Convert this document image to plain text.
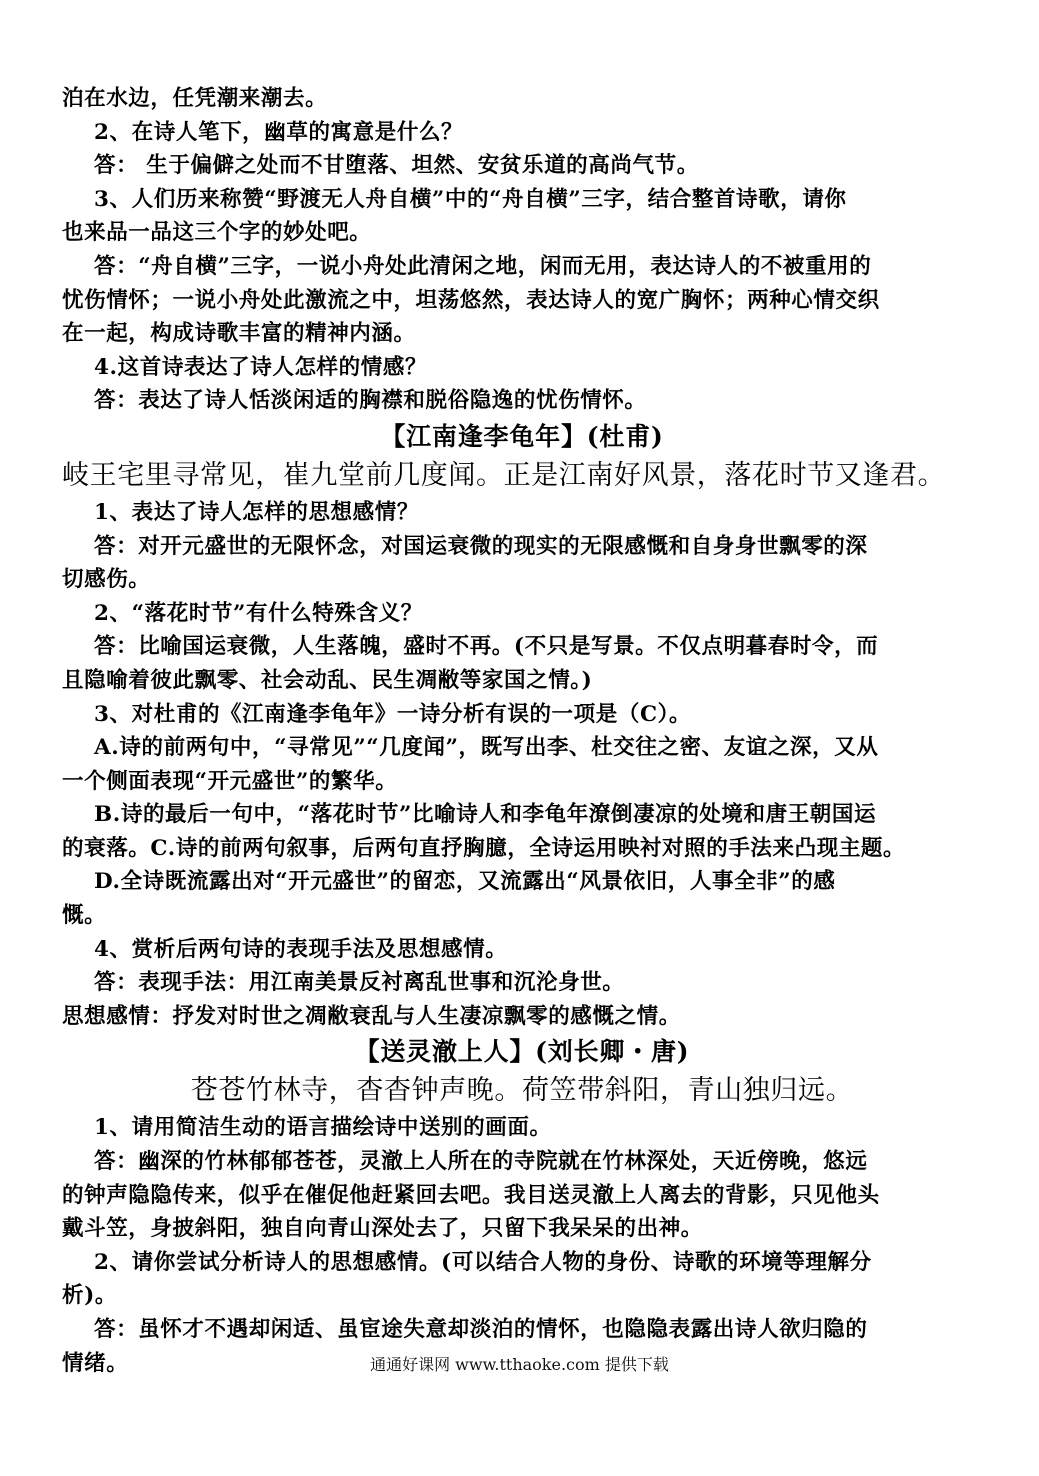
泊在水边，任凭潮来潮去。
2、在诗人笔下，幽草的寓意是什么？
答： 生于偏僻之处而不甘堕落、坦然、安贫乐道的高尚气节。
3、人们历来称赞“野渡无人舟自横”中的“舟自横”三字，结合整首诗歌，请你
也来品一品这三个字的妙处吧。
答：“舟自横”三字，一说小舟处此清闲之地，闲而无用，表达诗人的不被重用的
忧伤情怀；一说小舟处此激流之中，坦荡悠然，表达诗人的宽广胸怀；两种心情交织
在一起，构成诗歌丰富的精神内涵。
4.这首诗表达了诗人怎样的情感？
答：表达了诗人恬淡闲适的胸襟和脱俗隐逸的忧伤情怀。
【江南逢李龟年】(杜甫)
岐王宅里寻常见，崔九堂前几度闻。正是江南好风景，落花时节又逢君。
1、表达了诗人怎样的思想感情？
答：对开元盛世的无限怀念，对国运衰微的现实的无限感慨和自身身世飘零的深
切感伤。
2、“落花时节”有什么特殊含义？
答：比喻国运衰微，人生落魄，盛时不再。(不只是写景。不仅点明暮春时令，而
且隐喻着彼此飘零、社会动乱、民生凋敝等家国之情。)
3、对杜甫的《江南逢李龟年》一诗分析有误的一项是（C）。
A.诗的前两句中，“寻常见”“几度闻”，既写出李、杜交往之密、友谊之深，又从
一个侧面表现“开元盛世”的繁华。
B.诗的最后一句中，“落花时节”比喻诗人和李龟年潦倒凄凉的处境和唐王朝国运
的衰落。C.诗的前两句叙事，后两句直抒胸臆，全诗运用映衬对照的手法来凸现主题。
D.全诗既流露出对“开元盛世”的留恋，又流露出“风景依旧，人事全非”的感
慨。
4、赏析后两句诗的表现手法及思想感情。
答：表现手法：用江南美景反衬离乱世事和沉沦身世。
思想感情：抒发对时世之凋敝衰乱与人生凄凉飘零的感慨之情。
【送灵澈上人】(刘长卿・唐)
苍苍竹林寺，杳杳钟声晚。荷笠带斜阳，青山独归远。
1、请用简洁生动的语言描绘诗中送别的画面。
答：幽深的竹林郁郁苍苍，灵澈上人所在的寺院就在竹林深处，天近傍晚，悠远
的钟声隐隐传来，似乎在催促他赶紧回去吧。我目送灵澈上人离去的背影，只见他头
戴斗笠，身披斜阳，独自向青山深处去了，只留下我呆呆的出神。
2、请你尝试分析诗人的思想感情。(可以结合人物的身份、诗歌的环境等理解分
析)。
答：虽怀才不遇却闲适、虽宦途失意却淡泊的情怀，也隐隐表露出诗人欲归隐的
情绪。	通通好课网 www.tthaoke.com 提供下载
